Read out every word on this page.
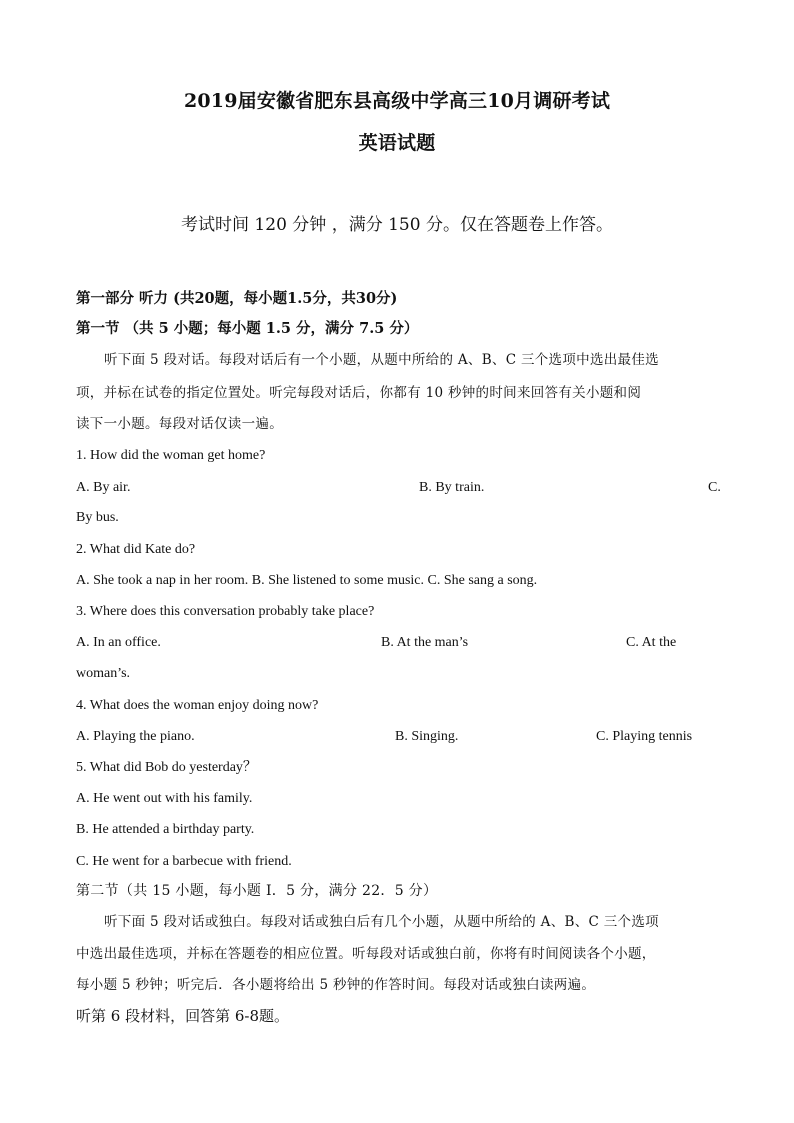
2019届安徽省肥东县高级中学高三10月调研考试
英语试题
考试时间 120 分钟 ，满分 150 分。仅在答题卷上作答。
第一部分 听力 (共20题，每小题1.5分，共30分)
第一节 （共 5 小题；每小题 1.5 分，满分 7.5 分）
听下面 5 段对话。每段对话后有一个小题，从题中所给的 A、B、C 三个选项中选出最佳选
项，并标在试卷的指定位置处。听完每段对话后，你都有 10 秒钟的时间来回答有关小题和阅
读下一小题。每段对话仅读一遍。
1. How did the woman get home?
A. By air.	B. By train.	C.
By bus.
2. What did Kate do?
A. She took a nap in her room. B. She listened to some music. C. She sang a song.
3. Where does this conversation probably take place?
A. In an office.	B. At the man’s	C. At the
woman’s.
4. What does the woman enjoy doing now?
A. Playing the piano.	B. Singing.	C. Playing tennis
5. What did Bob do yesterday？
A. He went out with his family.
B. He attended a birthday party.
C. He went for a barbecue with friend.
第二节（共 15 小题，每小题 I．5 分，满分 22．5 分）
听下面 5 段对话或独白。每段对话或独白后有几个小题，从题中所给的 A、B、C 三个选项
中选出最佳选项，并标在答题卷的相应位置。听每段对话或独白前，你将有时间阅读各个小题，
每小题 5 秒钟；听完后．各小题将给出 5 秒钟的作答时间。每段对话或独白读两遍。
听第 6 段材料，回答第 6-8题。
